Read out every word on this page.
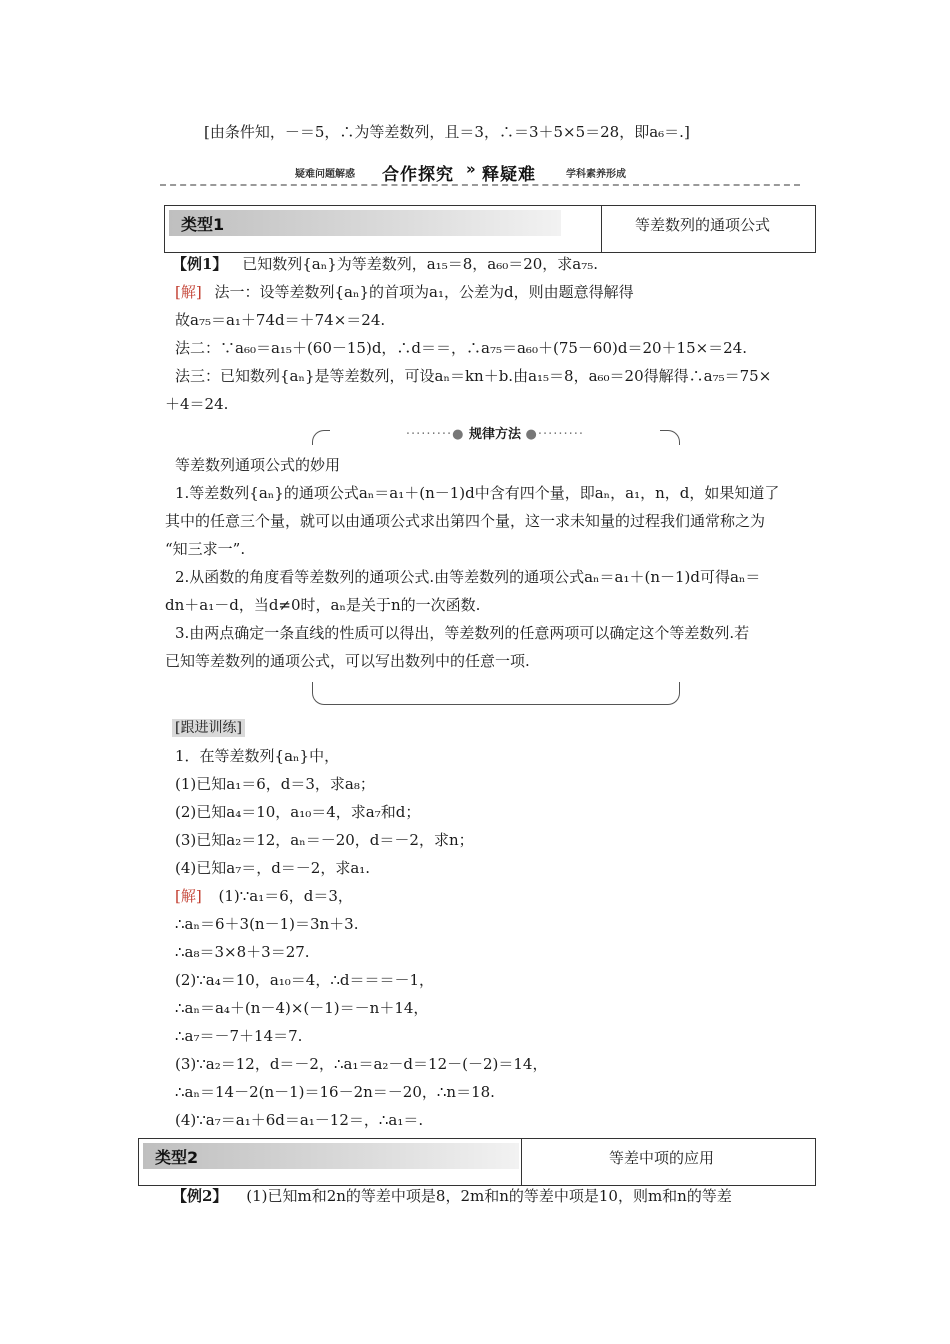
[由条件知，－＝5，∴为等差数列，且＝3，∴＝3＋5×5＝28，即a₆＝.]
疑难问题解惑 合作探究 » 释疑难	学科素养形成
类型1	等差数列的通项公式
【例1】 已知数列{aₙ}为等差数列，a₁₅＝8，a₆₀＝20，求a₇₅.
[解] 法一：设等差数列{aₙ}的首项为a₁，公差为d，则由题意得解得
故a₇₅＝a₁＋74d＝＋74×＝24.
法二：∵a₆₀＝a₁₅＋(60－15)d，∴d＝＝，∴a₇₅＝a₆₀＋(75－60)d＝20＋15×＝24.
法三：已知数列{aₙ}是等差数列，可设aₙ＝kn＋b.由a₁₅＝8，a₆₀＝20得解得∴a₇₅＝75×
＋4＝24.
·········● 规律方法 ●·········
等差数列通项公式的妙用
1.等差数列{aₙ}的通项公式aₙ＝a₁＋(n－1)d中含有四个量，即aₙ，a₁，n，d，如果知道了
其中的任意三个量，就可以由通项公式求出第四个量，这一求未知量的过程我们通常称之为
“知三求一”.
2.从函数的角度看等差数列的通项公式.由等差数列的通项公式aₙ＝a₁＋(n－1)d可得aₙ＝
dn＋a₁－d，当d≠0时，aₙ是关于n的一次函数.
3.由两点确定一条直线的性质可以得出，等差数列的任意两项可以确定这个等差数列.若
已知等差数列的通项公式，可以写出数列中的任意一项.
[跟进训练]
1．在等差数列{aₙ}中，
(1)已知a₁＝6，d＝3，求a₈；
(2)已知a₄＝10，a₁₀＝4，求a₇和d；
(3)已知a₂＝12，aₙ＝－20，d＝－2，求n；
(4)已知a₇＝，d＝－2，求a₁.
[解] (1)∵a₁＝6，d＝3，
∴aₙ＝6＋3(n－1)＝3n＋3.
∴a₈＝3×8＋3＝27.
(2)∵a₄＝10，a₁₀＝4，∴d＝＝＝－1，
∴aₙ＝a₄＋(n－4)×(－1)＝－n＋14，
∴a₇＝－7＋14＝7.
(3)∵a₂＝12，d＝－2，∴a₁＝a₂－d＝12－(－2)＝14，
∴aₙ＝14－2(n－1)＝16－2n＝－20，∴n＝18.
(4)∵a₇＝a₁＋6d＝a₁－12＝，∴a₁＝.
类型2	等差中项的应用
【例2】 (1)已知m和2n的等差中项是8，2m和n的等差中项是10，则m和n的等差
